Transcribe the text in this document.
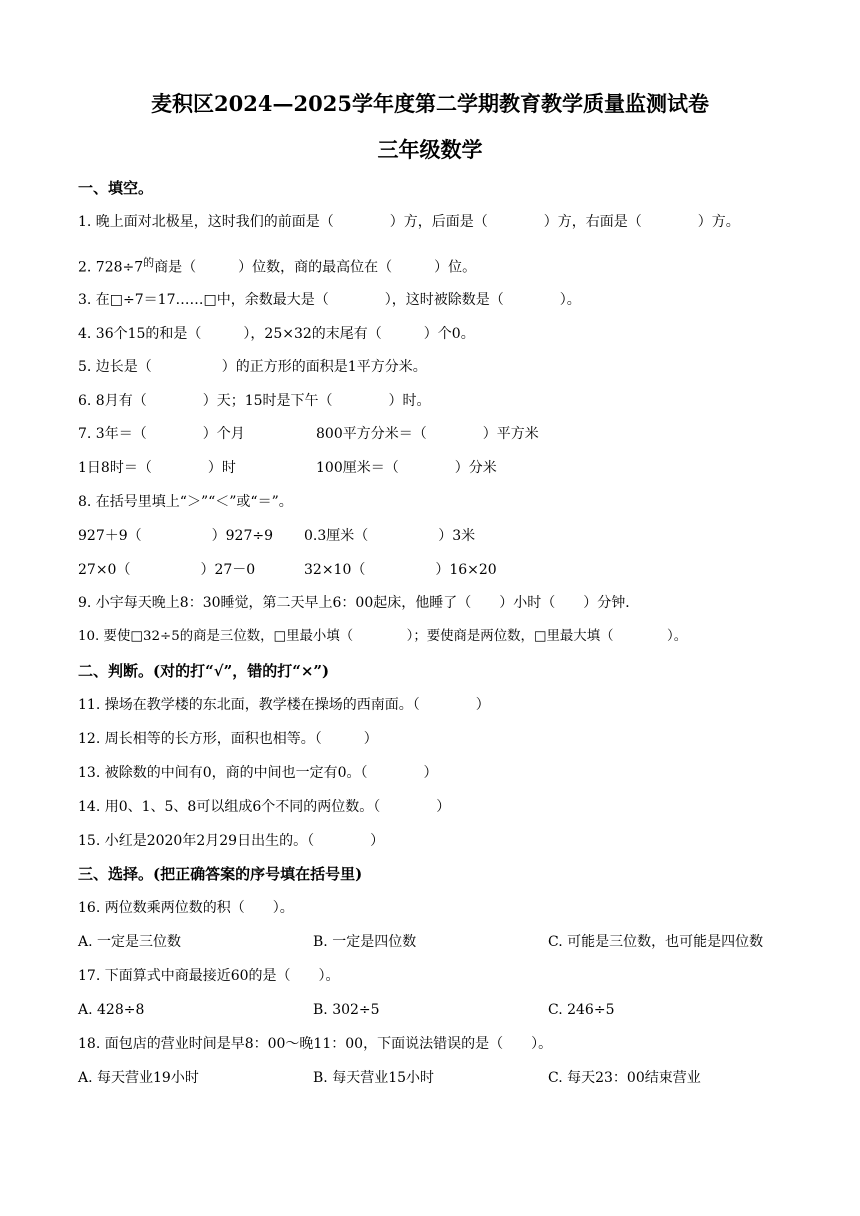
麦积区2024—2025学年度第二学期教育教学质量监测试卷
三年级数学
一、填空。
1. 晚上面对北极星，这时我们的前面是（　　　　）方，后面是（　　　　）方，右面是（　　　　）方。
2. $728\div 7^的$商是（　　　）位数，商的最高位在（　　　）位。
3. 在□÷7＝17……□中，余数最大是（　　　　），这时被除数是（　　　　）。
4. 36个15的和是（　　　），25×32的末尾有（　　　）个0。
5. 边长是（　　　　　）的正方形的面积是1平方分米。
6. 8月有（　　　　）天；15时是下午（　　　　）时。
7. 3年＝（　　　　）个月	800平方分米＝（　　　　）平方米
1日8时＝（　　　　）时	100厘米＝（　　　　）分米
8. 在括号里填上“＞”“＜”或“＝”。
927＋9（　　　　　）927÷9 0.3厘米（　　　　　）3米
27×0（　　　　　）27－0	32×10（　　　　　）16×20
9. 小宇每天晚上8：30睡觉，第二天早上6：00起床，他睡了（　　）小时（　　）分钟．
10. 要使□32÷5的商是三位数，□里最小填（　　　　）；要使商是两位数，□里最大填（　　　　）。
二、判断。(对的打“√”，错的打“×”)
11. 操场在教学楼的东北面，教学楼在操场的西南面。（　　　　）
12. 周长相等的长方形，面积也相等。（　　　）
13. 被除数的中间有0，商的中间也一定有0。（　　　　）
14. 用0、1、5、8可以组成6个不同的两位数。（　　　　）
15. 小红是2020年2月29日出生的。（　　　　）
三、选择。(把正确答案的序号填在括号里)
16. 两位数乘两位数的积（　　）。
A. 一定是三位数	B. 一定是四位数	C. 可能是三位数，也可能是四位数
17. 下面算式中商最接近60的是（　　）。
A. 428÷8	B. 302÷5	C. 246÷5
18. 面包店的营业时间是早8：00～晚11：00，下面说法错误的是（　　）。
A. 每天营业19小时	B. 每天营业15小时	C. 每天23：00结束营业
